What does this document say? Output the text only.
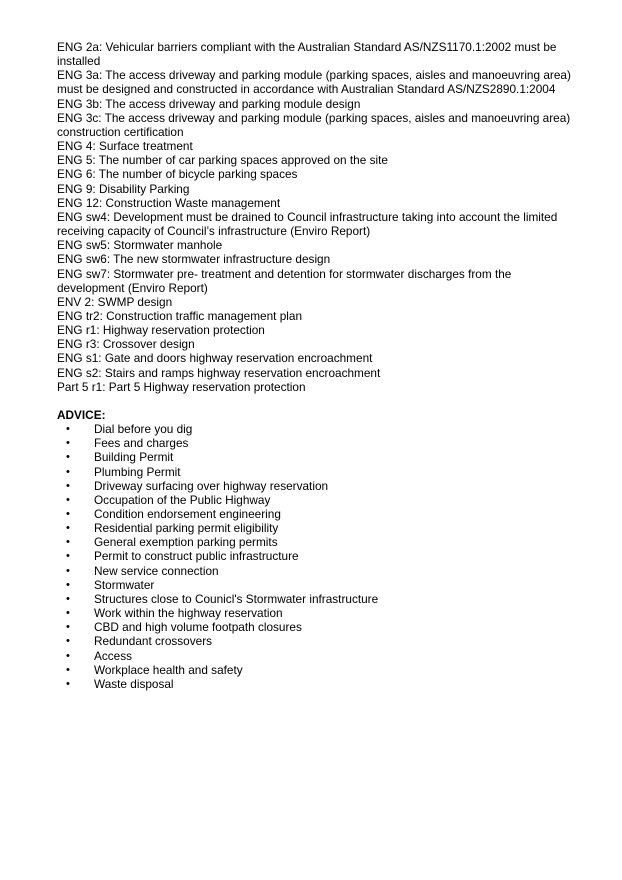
ENG 2a: Vehicular barriers compliant with the Australian Standard AS/NZS1170.1:2002 must be installed
ENG 3a: The access driveway and parking module (parking spaces, aisles and manoeuvring area) must be designed and constructed in accordance with Australian Standard AS/NZS2890.1:2004
ENG 3b: The access driveway and parking module design
ENG 3c: The access driveway and parking module (parking spaces, aisles and manoeuvring area) construction certification
ENG 4: Surface treatment
ENG 5: The number of car parking spaces approved on the site
ENG 6: The number of bicycle parking spaces
ENG 9: Disability Parking
ENG 12: Construction Waste management
ENG sw4: Development must be drained to Council infrastructure taking into account the limited receiving capacity of Council’s infrastructure (Enviro Report)
ENG sw5: Stormwater manhole
ENG sw6: The new stormwater infrastructure design
ENG sw7: Stormwater pre- treatment and detention for stormwater discharges from the development (Enviro Report)
ENV 2: SWMP design
ENG tr2: Construction traffic management plan
ENG r1: Highway reservation protection
ENG r3: Crossover design
ENG s1: Gate and doors highway reservation encroachment
ENG s2: Stairs and ramps highway reservation encroachment
Part 5 r1: Part 5 Highway reservation protection
ADVICE:
• Dial before you dig
• Fees and charges
• Building Permit
• Plumbing Permit
• Driveway surfacing over highway reservation
• Occupation of the Public Highway
• Condition endorsement engineering
• Residential parking permit eligibility
• General exemption parking permits
• Permit to construct public infrastructure
• New service connection
• Stormwater
• Structures close to Counicl's Stormwater infrastructure
• Work within the highway reservation
• CBD and high volume footpath closures
• Redundant crossovers
• Access
• Workplace health and safety
• Waste disposal
